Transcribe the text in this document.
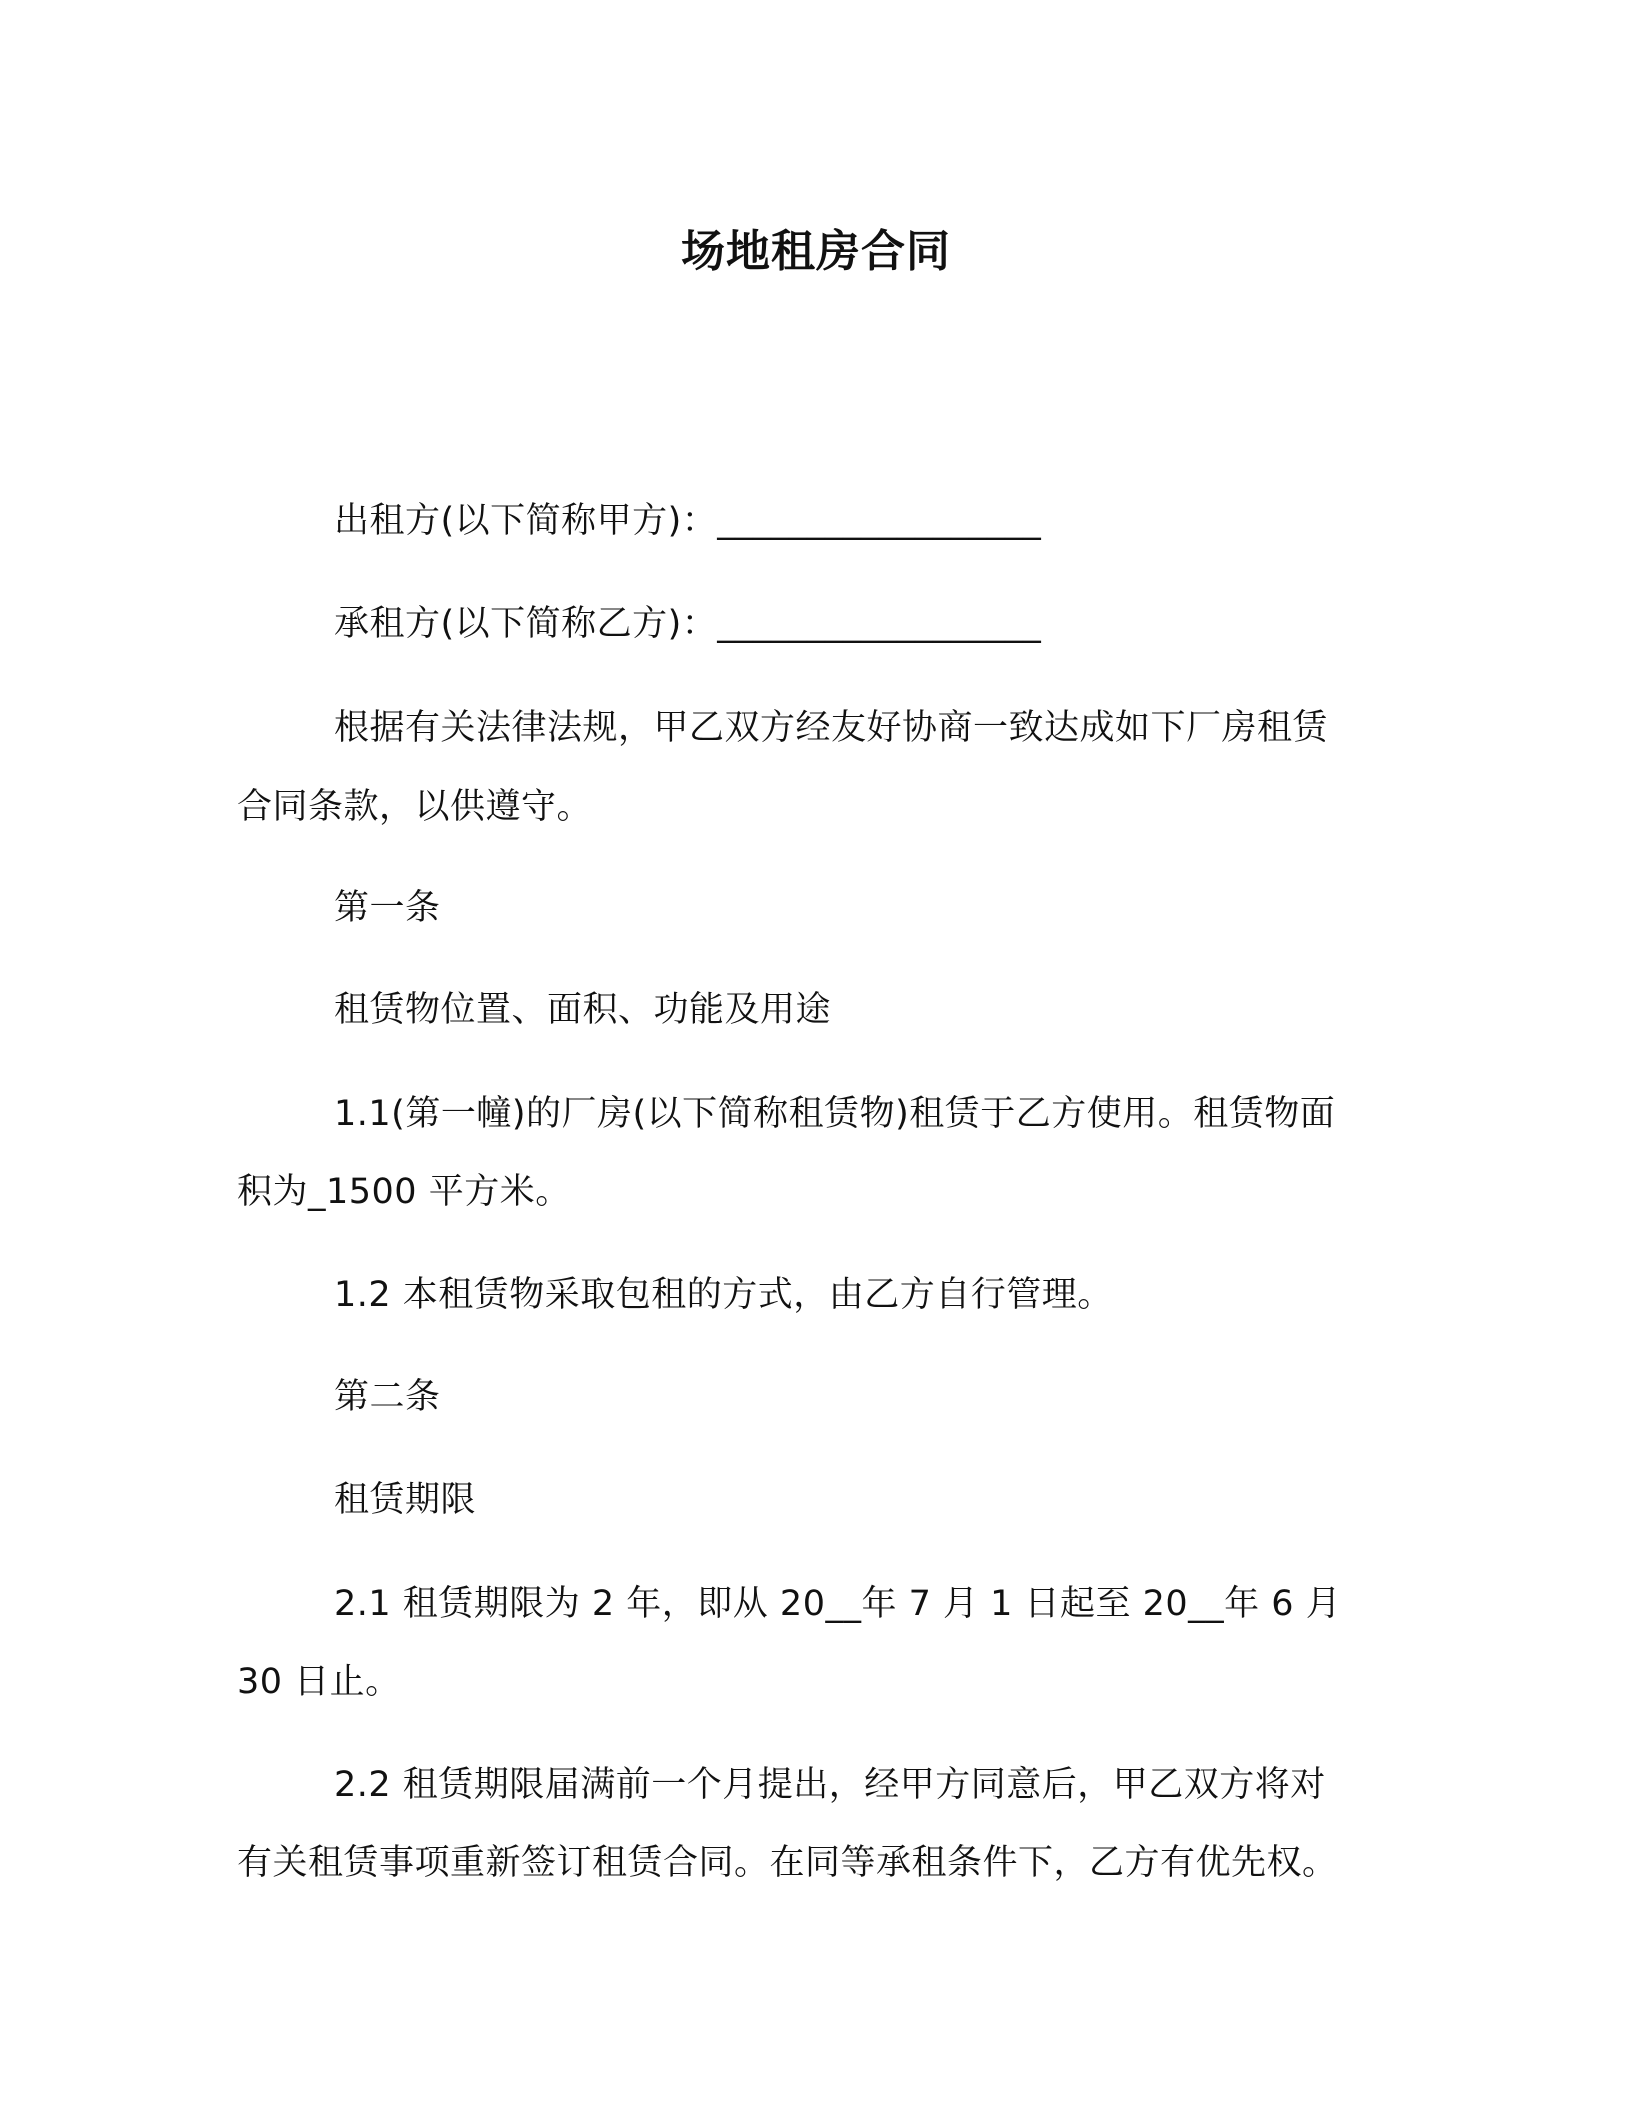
场地租房合同

出租方(以下简称甲方)：__________________

承租方(以下简称乙方)：__________________

根据有关法律法规，甲乙双方经友好协商一致达成如下厂房租赁

合同条款，以供遵守。

第一条

租赁物位置、面积、功能及用途

1.1(第一幢)的厂房(以下简称租赁物)租赁于乙方使用。租赁物面

积为_1500 平方米。

1.2 本租赁物采取包租的方式，由乙方自行管理。

第二条

租赁期限

2.1 租赁期限为 2 年，即从 20__年 7 月 1 日起至 20__年 6 月

30 日止。

2.2 租赁期限届满前一个月提出，经甲方同意后，甲乙双方将对

有关租赁事项重新签订租赁合同。在同等承租条件下，乙方有优先权。
